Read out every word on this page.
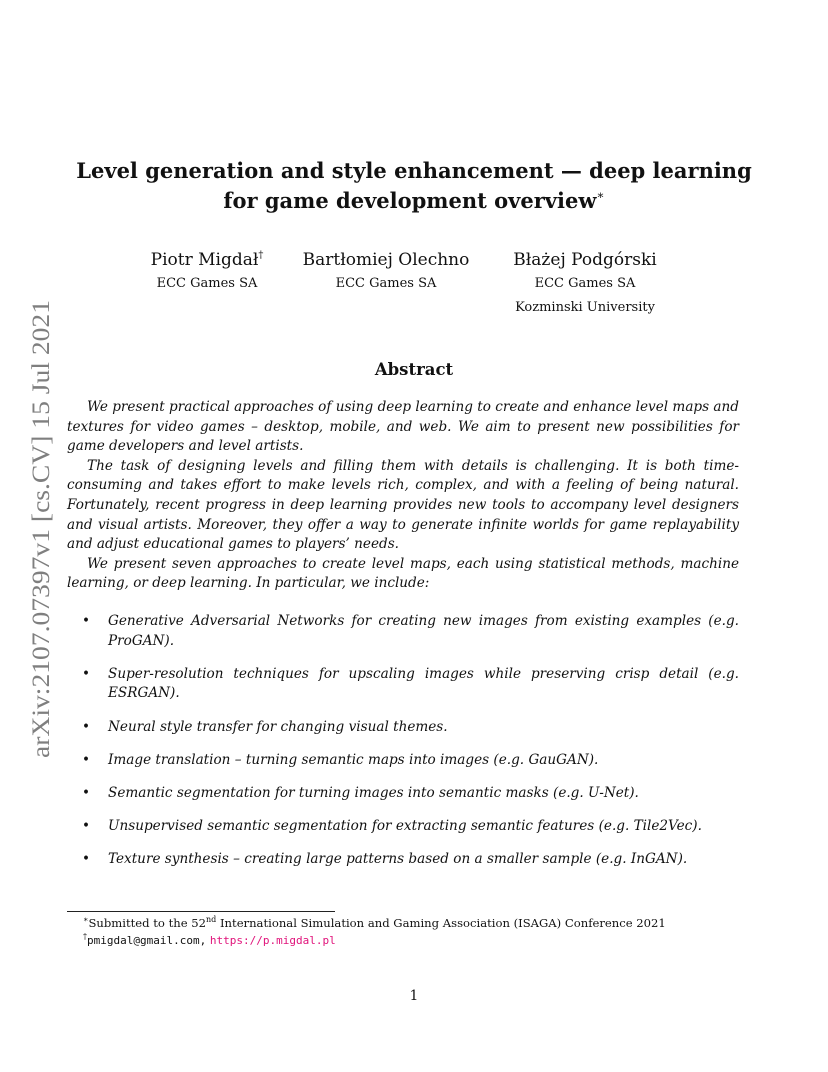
arXiv:2107.07397v1 [cs.CV] 15 Jul 2021
Level generation and style enhancement — deep learning
for game development overview∗
Piotr Migdał†
ECC Games SA
Bartłomiej Olechno
ECC Games SA
Błażej Podgórski
ECC Games SA
Kozminski University
Abstract

We present practical approaches of using deep learning to create and enhance level maps and textures for video games – desktop, mobile, and web. We aim to present new possibilities for game developers and level artists.

The task of designing levels and filling them with details is challenging. It is both time-consuming and takes effort to make levels rich, complex, and with a feeling of being natural. Fortunately, recent progress in deep learning provides new tools to accompany level designers and visual artists. Moreover, they offer a way to generate infinite worlds for game replayability and adjust educational games to players’ needs.

We present seven approaches to create level maps, each using statistical methods, machine learning, or deep learning. In particular, we include:

• Generative Adversarial Networks for creating new images from existing examples (e.g. ProGAN).
• Super-resolution techniques for upscaling images while preserving crisp detail (e.g. ESRGAN).
• Neural style transfer for changing visual themes.
• Image translation – turning semantic maps into images (e.g. GauGAN).
• Semantic segmentation for turning images into semantic masks (e.g. U-Net).
• Unsupervised semantic segmentation for extracting semantic features (e.g. Tile2Vec).
• Texture synthesis – creating large patterns based on a smaller sample (e.g. InGAN).
∗Submitted to the 52nd International Simulation and Gaming Association (ISAGA) Conference 2021
†pmigdal@gmail.com, https://p.migdal.pl
1
